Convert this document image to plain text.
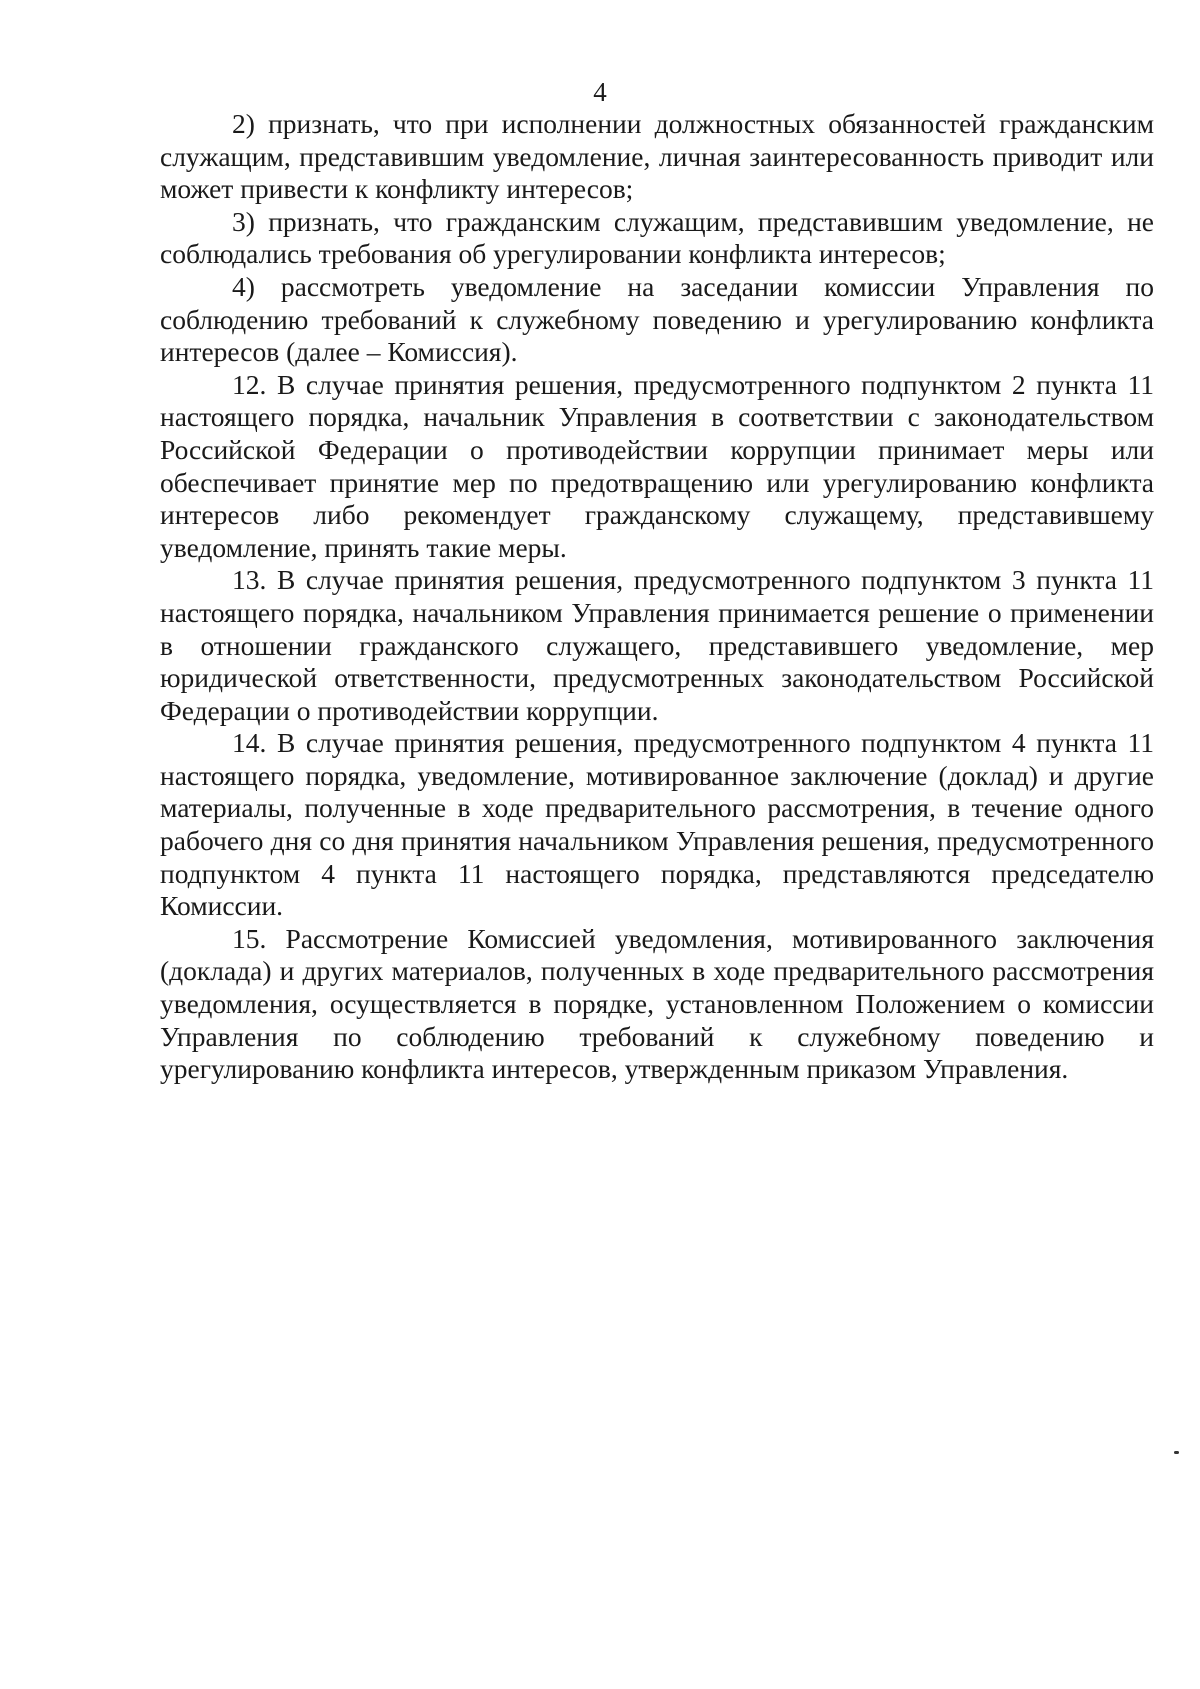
4

2) признать, что при исполнении должностных обязанностей гражданским служащим, представившим уведомление, личная заинтересованность приводит или может привести к конфликту интересов;

3) признать, что гражданским служащим, представившим уведомление, не соблюдались требования об урегулировании конфликта интересов;

4) рассмотреть уведомление на заседании комиссии Управления по соблюдению требований к служебному поведению и урегулированию конфликта интересов (далее – Комиссия).

12. В случае принятия решения, предусмотренного подпунктом 2 пункта 11 настоящего порядка, начальник Управления в соответствии с законодательством Российской Федерации о противодействии коррупции принимает меры или обеспечивает принятие мер по предотвращению или урегулированию конфликта интересов либо рекомендует гражданскому служащему, представившему уведомление, принять такие меры.

13. В случае принятия решения, предусмотренного подпунктом 3 пункта 11 настоящего порядка, начальником Управления принимается решение о применении в отношении гражданского служащего, представившего уведомление, мер юридической ответственности, предусмотренных законодательством Российской Федерации о противодействии коррупции.

14. В случае принятия решения, предусмотренного подпунктом 4 пункта 11 настоящего порядка, уведомление, мотивированное заключение (доклад) и другие материалы, полученные в ходе предварительного рассмотрения, в течение одного рабочего дня со дня принятия начальником Управления решения, предусмотренного подпунктом 4 пункта 11 настоящего порядка, представляются председателю Комиссии.

15. Рассмотрение Комиссией уведомления, мотивированного заключения (доклада) и других материалов, полученных в ходе предварительного рассмотрения уведомления, осуществляется в порядке, установленном Положением о комиссии Управления по соблюдению требований к служебному поведению и урегулированию конфликта интересов, утвержденным приказом Управления.
